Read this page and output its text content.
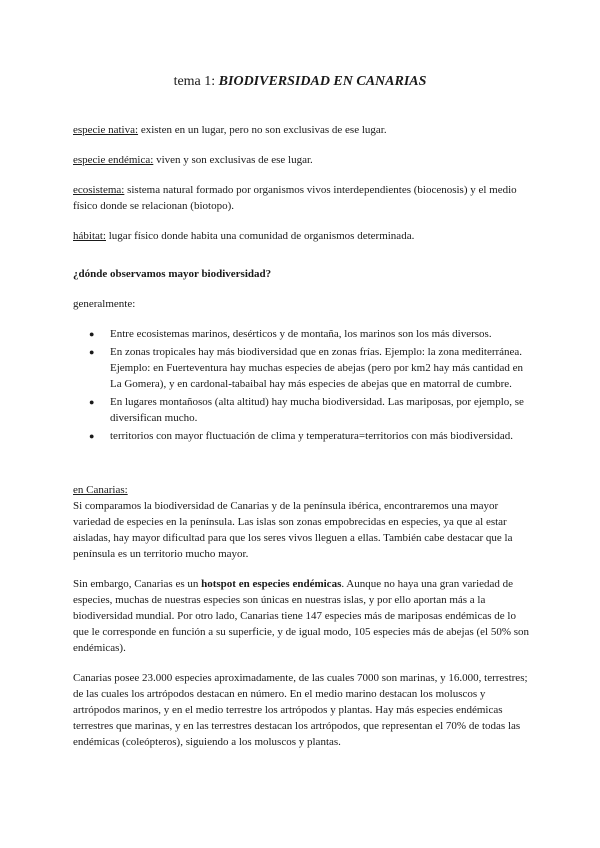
tema 1: BIODIVERSIDAD EN CANARIAS
especie nativa: existen en un lugar, pero no son exclusivas de ese lugar.
especie endémica: viven y son exclusivas de ese lugar.
ecosistema: sistema natural formado por organismos vivos interdependientes (biocenosis) y el medio físico donde se relacionan (biotopo).
hábitat: lugar físico donde habita una comunidad de organismos determinada.
¿dónde observamos mayor biodiversidad?
generalmente:
● Entre ecosistemas marinos, desérticos y de montaña, los marinos son los más diversos.
● En zonas tropicales hay más biodiversidad que en zonas frías. Ejemplo: la zona mediterránea. Ejemplo: en Fuerteventura hay muchas especies de abejas (pero por km2 hay más cantidad en La Gomera), y en cardonal-tabaibal hay más especies de abejas que en matorral de cumbre.
● En lugares montañosos (alta altitud) hay mucha biodiversidad. Las mariposas, por ejemplo, se diversifican mucho.
● territorios con mayor fluctuación de clima y temperatura=territorios con más biodiversidad.
en Canarias:
Si comparamos la biodiversidad de Canarias y de la península ibérica, encontraremos una mayor variedad de especies en la península. Las islas son zonas empobrecidas en especies, ya que al estar aisladas, hay mayor dificultad para que los seres vivos lleguen a ellas. También cabe destacar que la península es un territorio mucho mayor.
Sin embargo, Canarias es un hotspot en especies endémicas. Aunque no haya una gran variedad de especies, muchas de nuestras especies son únicas en nuestras islas, y por ello aportan más a la biodiversidad mundial. Por otro lado, Canarias tiene 147 especies más de mariposas endémicas de lo que le corresponde en función a su superficie, y de igual modo, 105 especies más de abejas (el 50% son endémicas).
Canarias posee 23.000 especies aproximadamente, de las cuales 7000 son marinas, y 16.000, terrestres; de las cuales los artrópodos destacan en número. En el medio marino destacan los moluscos y artrópodos marinos, y en el medio terrestre los artrópodos y plantas. Hay más especies endémicas terrestres que marinas, y en las terrestres destacan los artrópodos, que representan el 70% de todas las endémicas (coleópteros), siguiendo a los moluscos y plantas.
